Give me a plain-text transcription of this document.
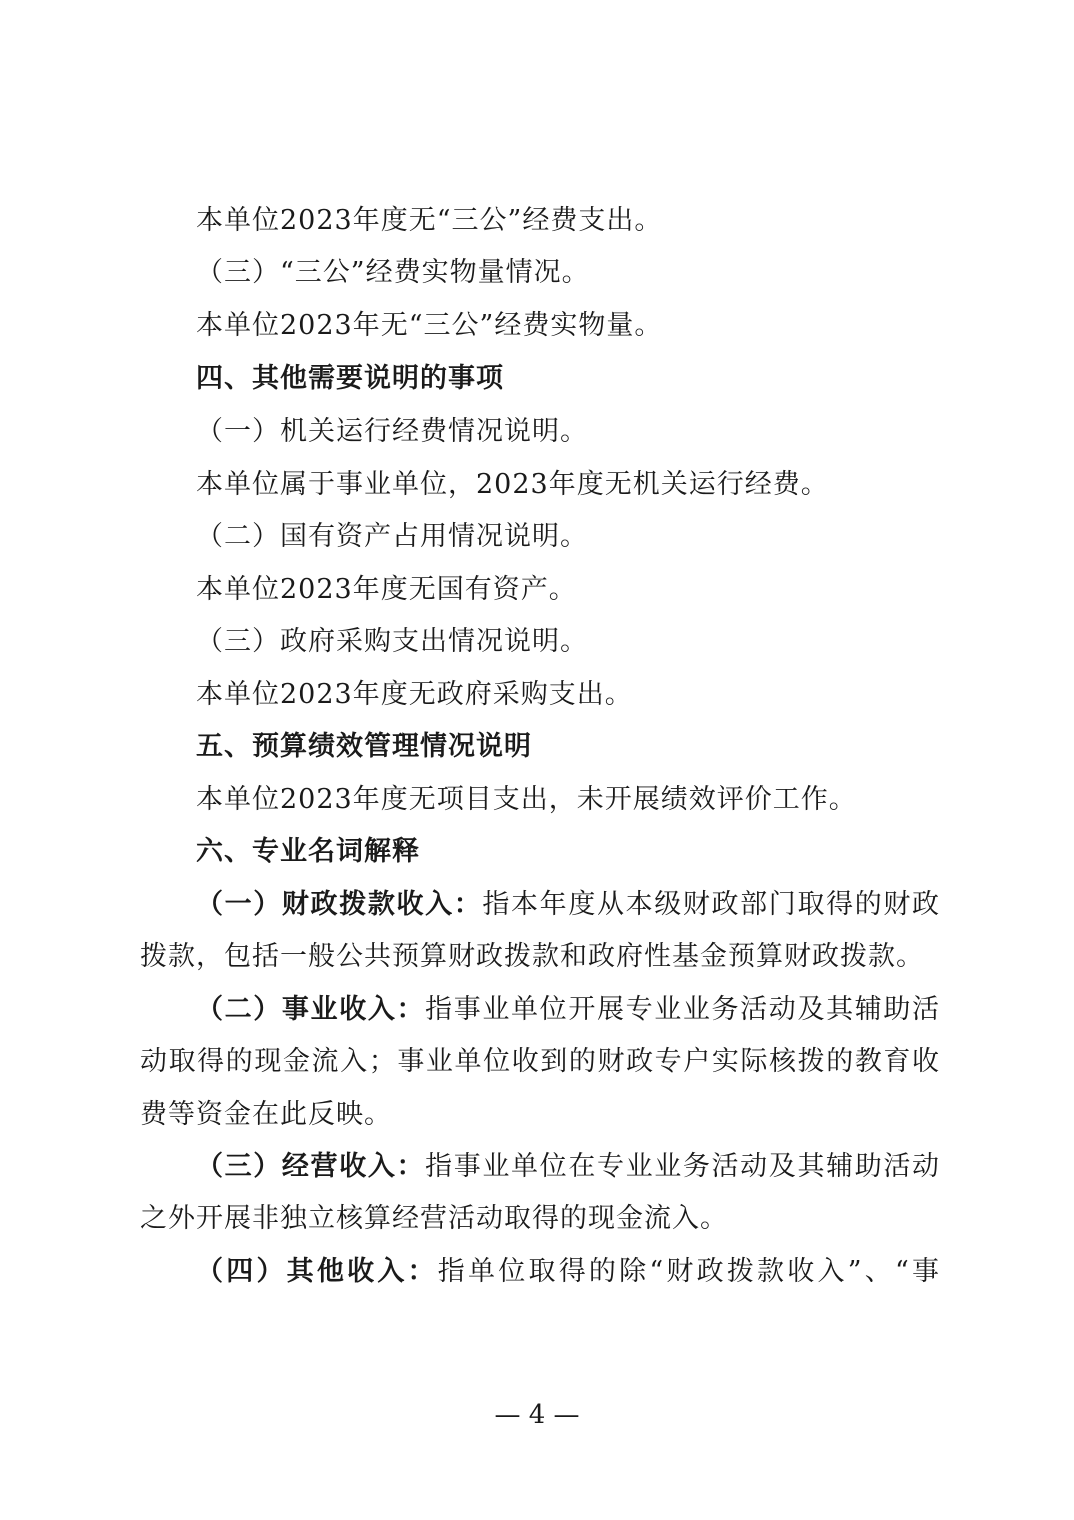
本单位2023年度无“三公”经费支出。
（三）“三公”经费实物量情况。
本单位2023年无“三公”经费实物量。
四、其他需要说明的事项
（一）机关运行经费情况说明。
本单位属于事业单位，2023年度无机关运行经费。
（二）国有资产占用情况说明。
本单位2023年度无国有资产。
（三）政府采购支出情况说明。
本单位2023年度无政府采购支出。
五、预算绩效管理情况说明
本单位2023年度无项目支出，未开展绩效评价工作。
六、专业名词解释
（一）财政拨款收入：指本年度从本级财政部门取得的财政
拨款，包括一般公共预算财政拨款和政府性基金预算财政拨款。
（二）事业收入：指事业单位开展专业业务活动及其辅助活
动取得的现金流入；事业单位收到的财政专户实际核拨的教育收
费等资金在此反映。
（三）经营收入：指事业单位在专业业务活动及其辅助活动
之外开展非独立核算经营活动取得的现金流入。
（四）其他收入：指单位取得的除“财政拨款收入”、“事
— 4 —
